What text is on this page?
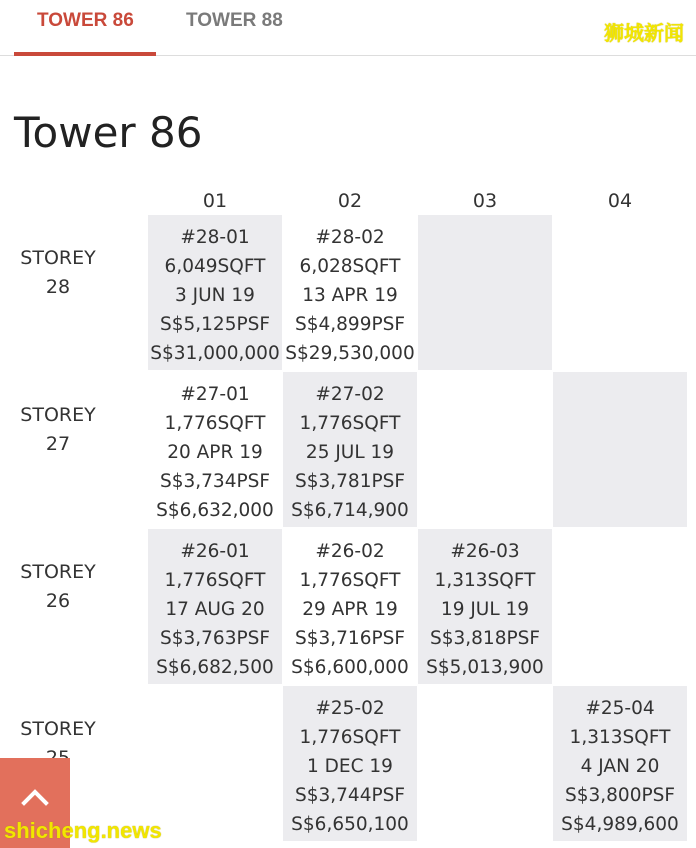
TOWER 86	TOWER 88
狮城新闻
Tower 86
01	02	03	04
STOREY
28
#28-01
6,049SQFT
3 JUN 19
S$5,125PSF
S$31,000,000
#28-02
6,028SQFT
13 APR 19
S$4,899PSF
S$29,530,000
STOREY
27
#27-01
1,776SQFT
20 APR 19
S$3,734PSF
S$6,632,000
#27-02
1,776SQFT
25 JUL 19
S$3,781PSF
S$6,714,900
STOREY
26
#26-01
1,776SQFT
17 AUG 20
S$3,763PSF
S$6,682,500
#26-02
1,776SQFT
29 APR 19
S$3,716PSF
S$6,600,000
#26-03
1,313SQFT
19 JUL 19
S$3,818PSF
S$5,013,900
STOREY
#25-02
1,776SQFT
1 DEC 19
S$3,744PSF
S$6,650,100
#25-04
1,313SQFT
4 JAN 20
S$3,800PSF
S$4,989,600
shicheng.news
